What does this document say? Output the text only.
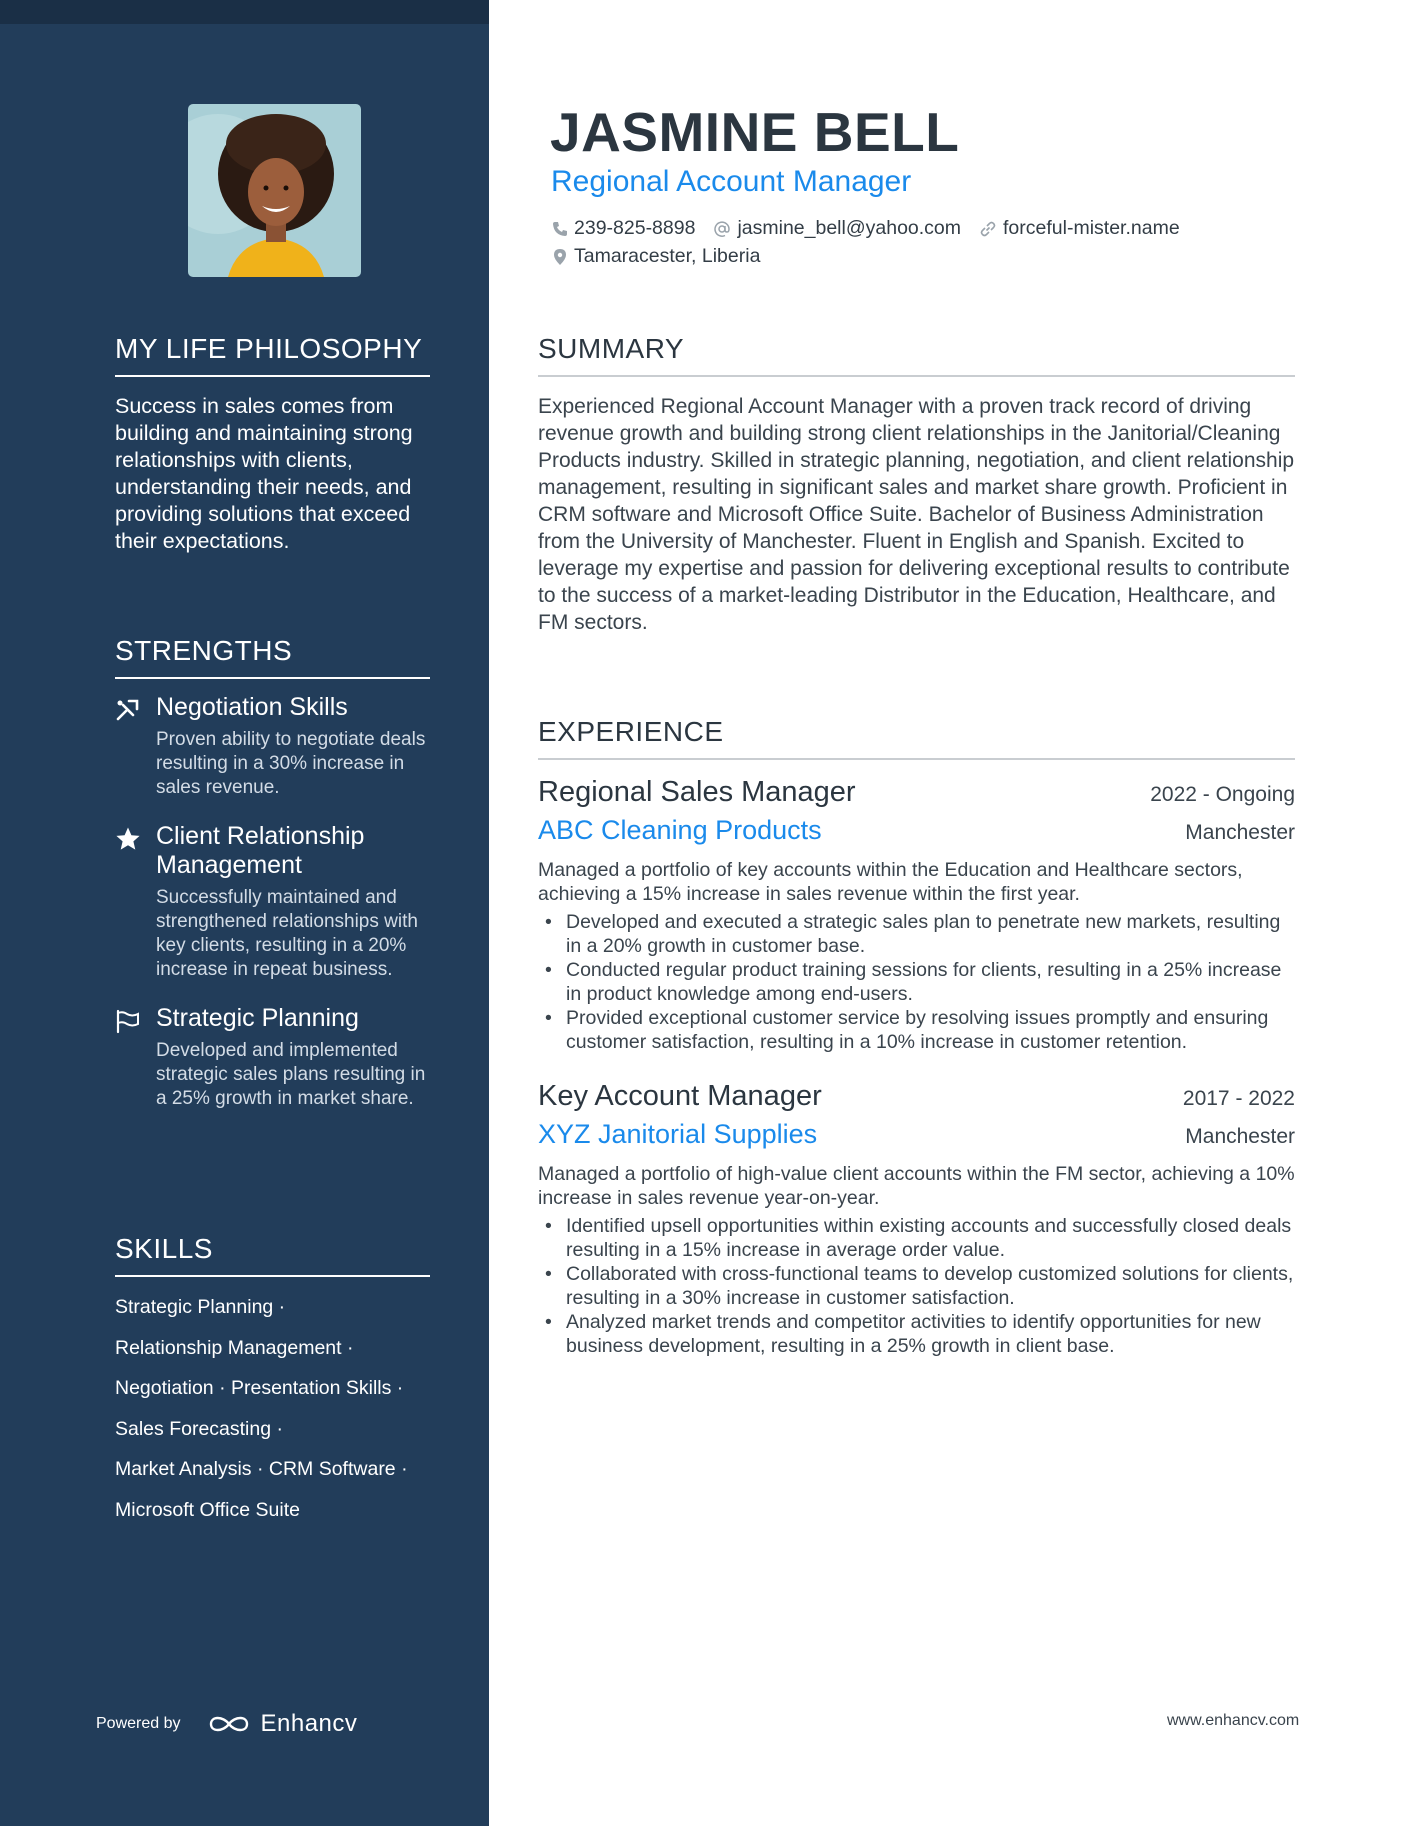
MY LIFE PHILOSOPHY
Success in sales comes from building and maintaining strong relationships with clients, understanding their needs, and providing solutions that exceed their expectations.
STRENGTHS
Negotiation Skills
Proven ability to negotiate deals resulting in a 30% increase in sales revenue.
Client Relationship Management
Successfully maintained and strengthened relationships with key clients, resulting in a 20% increase in repeat business.
Strategic Planning
Developed and implemented strategic sales plans resulting in a 25% growth in market share.
SKILLS
Strategic Planning ·
Relationship Management ·
Negotiation · Presentation Skills ·
Sales Forecasting ·
Market Analysis · CRM Software ·
Microsoft Office Suite
Powered by	Enhancv
JASMINE BELL
Regional Account Manager
239-825-8898 jasmine_bell@yahoo.com forceful-mister.name
Tamaracester, Liberia
SUMMARY
Experienced Regional Account Manager with a proven track record of driving revenue growth and building strong client relationships in the Janitorial/Cleaning Products industry. Skilled in strategic planning, negotiation, and client relationship management, resulting in significant sales and market share growth. Proficient in CRM software and Microsoft Office Suite. Bachelor of Business Administration from the University of Manchester. Fluent in English and Spanish. Excited to leverage my expertise and passion for delivering exceptional results to contribute to the success of a market-leading Distributor in the Education, Healthcare, and FM sectors.
EXPERIENCE
Regional Sales Manager	2022 - Ongoing
ABC Cleaning Products	Manchester
Managed a portfolio of key accounts within the Education and Healthcare sectors, achieving a 15% increase in sales revenue within the first year.
• Developed and executed a strategic sales plan to penetrate new markets, resulting in a 20% growth in customer base.
• Conducted regular product training sessions for clients, resulting in a 25% increase in product knowledge among end-users.
• Provided exceptional customer service by resolving issues promptly and ensuring customer satisfaction, resulting in a 10% increase in customer retention.
Key Account Manager	2017 - 2022
XYZ Janitorial Supplies	Manchester
Managed a portfolio of high-value client accounts within the FM sector, achieving a 10% increase in sales revenue year-on-year.
• Identified upsell opportunities within existing accounts and successfully closed deals resulting in a 15% increase in average order value.
• Collaborated with cross-functional teams to develop customized solutions for clients, resulting in a 30% increase in customer satisfaction.
• Analyzed market trends and competitor activities to identify opportunities for new business development, resulting in a 25% growth in client base.
www.enhancv.com
